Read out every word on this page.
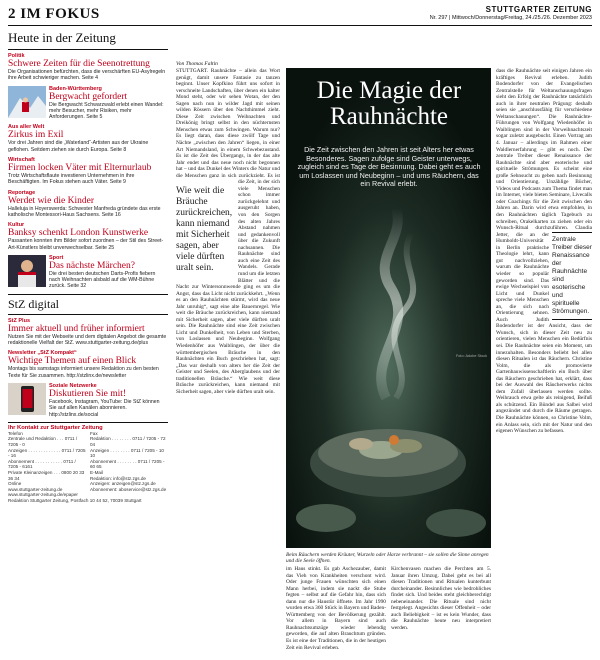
2 IM FOKUS	STUTTGARTER ZEITUNG
Nr. 297 | Mittwoch/Donnerstag/Freitag, 24./25./26. Dezember 2023
Heute in der Zeitung
Politik
Schwere Zeiten für die Seenotrettung
Die Organisationen befürchten, dass die verschärften EU-Asylregeln ihre Arbeit schwieriger machen. Seite 4
Baden-Württemberg
Bergwacht gefordert
Die Bergwacht Schwarzwald erlebt einen Wandel: mehr Besucher, mehr Risiken, mehr Anforderungen. Seite 5
Aus aller Welt
Zirkus im Exil
Vor drei Jahren sind die „Waterland“-Artisten aus der Ukraine geflohen. Seitdem ziehen sie durch Europa. Seite 8
Wirtschaft
Firmen locken Väter mit Elternurlaub
Trotz Wirtschaftsflaute investieren Unternehmen in ihre Beschäftigten. Im Fokus stehen auch Väter. Seite 9
Reportage
Werdet wie die Kinder
Halleluja in Hoyerswerda: Schwester Manfreda gründete das erste katholische Montessori-Haus Sachsens. Seite 16
Kultur
Banksy schenkt London Kunstwerke
Passanten konnten ihm Bilder sofort zuordnen – der Stil des Street-Art-Künstlers bleibt unverwechselbar. Seite 25
Sport
Das nächste Märchen?
Die drei besten deutschen Darts-Profis fiebern nach Weihnachten alsbald auf die WM-Bühne zurück. Seite 32
StZ digital
StZ Plus
Immer aktuell und früher informiert
Nutzen Sie mit der Webseite und dem digitalen Angebot die gesamte redaktionelle Vielfalt der StZ. www.stuttgarter-zeitung.de/plus
Newsletter „StZ Kompakt“
Wichtige Themen auf einen Blick
Montags bis samstags informiert unsere Redaktion zu den besten Texte für Sie zusammen. http://stzlinx.de/newsletter
Soziale Netzwerke
Diskutieren Sie mit!
Facebook, Instagram, YouTube: Die StZ können Sie auf allen Kanälen abonnieren. http://stzlinx.de/social
Ihr Kontakt zur Stuttgarter Zeitung
Telefon
Zentrale und Redaktion . . . 0711 / 7205 - 0
Anzeigen . . . . . . . . . . . . . 0711 / 7205 - 16
Abonnement . . . . . . . . . . . 0711 / 7205 - 6161
Private Kleinanzeigen . . . 0800 20 33 36 34
Online
www.stuttgarter-zeitung.de
www.stuttgarter-zeitung.de/epaper
Fax
Redaktion . . . . . . . . 0711 / 7205 - 72 04
Anzeigen . . . . . . . . 0711 / 7205 - 10 10
Abonnement . . . . . . . . 0711 / 7205 - 60 65
E-Mail
Redaktion: info@stz.zgs.de
Anzeigen: anzeigen@stz.zgs.de
Abonnement: aboservice@stz.zgs.de
Redaktion Stuttgarter Zeitung, Postfach 10 44 52, 70039 Stuttgart
Von Thomas Faltin
STUTTGART. Rauhnächte – allein das Wort genügt, damit unsere Fantasie zu tanzen beginnt. Unser Kopfkino führt uns sofort in verschneite Landschaften, über denen ein kalter Mond steht, oder wir sehen Wotan, der den Sagen nach nun in wilder Jagd mit seinen wilden Rössern über den Nachthimmel zieht. Diese Zeit zwischen Weihnachten und Dreikönig bringt selbst in den nüchternsten Menschen etwas zum Schwingen. Warum nur? Es liegt daran, dass diese zwölf Tage und Nächte „zwischen den Jahren“ liegen, in einer Art Niemandsland, in einem Schwebezustand. Es ist die Zeit des Übergangs, in der das alte Jahr endet und das neue noch nicht begonnen hat – und das Dunkel des Winters die Natur und die Menschen ganz in sich zurückzieht.
Wie weit die Bräuche zurückreichen, kann niemand mit Sicherheit sagen, aber viele dürften uralt sein.
Es ist die Zeit, in der sich viele Menschen schon immer zurückgelehnt und ausgeruht haben, von den Sorgen des alten Jahres Abstand nahmen und gedankenvoll über die Zukunft nachsannen. Die Rauhnächte sind auch eine Zeit des Wandels. Gerade rund um die letzten Blätter und die Nacht zur Wintersonnwende ging es um die Angst, dass das Licht nicht zurückkehrt. „Wenn es an den Rauhnächten stürmt, wird das neue Jahr unruhig“, sagt eine alte Bauernregel. Wie weit die Bräuche zurückreichen, kann niemand mit Sicherheit sagen, aber viele dürften uralt sein. Die Rauhnächte sind eine Zeit zwischen Licht und Dunkelheit, von Leben und Sterben, von Loslassen und Neubeginn. Wolfgang Wiedenhöfer aus Waiblingen, der über die württembergischen Bräuche in den Rauhnächten ein Buch geschrieben hat, sagt: „Das war deshalb von alters her die Zeit der Geister und Seelen, des Aberglaubens und der traditionellen Bräuche.“ Wie weit diese Bräuche zurückreichen, kann niemand mit Sicherheit sagen, aber viele dürften uralt sein.
Die Magie der Rauhnächte
Die Zeit zwischen den Jahren ist seit Alters her etwas Besonderes. Sagen zufolge sind Geister unterwegs, zugleich sind es Tage der Besinnung. Dabei geht es auch um Loslassen und Neubeginn – und ums Räuchern, das ein Revival erlebt.
Foto: Adobe Stock
Beim Räuchern werden Kräuter, Wurzeln oder Harze verbrannt – sie sollen die Sinne anregen und die Seele öffnen.
im Haus stinkt. Es gab Aschezauber, damit das Vieh von Krankheiten verschont wird. Oder junge Frauen wünschten sich einen Mann herbei, indem sie nackt die Stube fegten – selbst auf die Gefahr hin, dass sich dann nur die Haustür öffnete. Im Jahr 1990 wurden etwa 360 Stück in Bayern und Baden-Württemberg von der Bevölkerung gezählt. Vor allem in Bayern sind auch Rauhnachtsumzüge wieder lebendig geworden, die auf alten Brauchtum gründen. Es ist eine der Traditionen, die in der heutigen Zeit ein Revival erleben.
Kirchenvasen machen die Perchten am 5. Januar ihren Umzug. Dabei geht es bei all diesen Traditionen und Ritualen kunterbunt durcheinander. Besinnliches wie bedrohliches findet sich. Und beides steht gleichberechtigt nebeneinander. Die Rituale sind nicht festgelegt. Angesichts dieser Offenheit – oder auch Beliebigkeit – ist es kein Wunder, dass die Rauhnächte heute neu interpretiert werden.
dass die Rauhnächte seit einigen Jahren ein kräftiges Revival erleben. Judith Bodendorfer von der Evangelischen Zentralstelle für Weltanschauungsfragen sieht den Erfolg der Rauhnächte tatsächlich auch in ihrer neutralen Prägung: deshalb seien sie „anschlussfähig für verschiedene Weltanschauungen“. Die Rauhnächte-Führungen von Wolfgang Wiedenhöfer in Waiblingen sind in der Vorweihnachtszeit sogar zuletzt ausgebucht. Einen Vortrag am 4. Januar – allerdings im Rahmen einer Waldlernerfahrung – gibt es noch. Der zentrale Treiber dieser Renaissance der Rauhnächte sind aber esoterische und spirituelle Strömungen. Es scheint eine große Sehnsucht zu geben nach Besinnung und Orientierung. Unzählige Bücher, Videos und Podcasts zum Thema findet man im Internet, viele bieten Seminare, Livecalls oder Coachings für die Zeit zwischen den Jahren an. Darin wird etwa empfohlen, in den Rauhnächten täglich Tagebuch zu schreiben, Orakelkarten zu ziehen oder ein Wunsch-Ritual durchzuführen.
Zentrale Treiber dieser Renaissance der Rauhnächte sind esoterische und spirituelle Strömungen.
Claudia Jetter, die an der Humboldt-Universität in Berlin praktische Theologie lehrt, kann gut nachvollziehen, warum die Rauhnächte wieder so populär geworden sind. Das ewige Wechselspiel von Licht und Dunkel spreche viele Menschen an, die sich nach Orientierung sehnen. Auch Judith Bodendorfer ist der Ansicht, dass der Wunsch, sich in dieser Zeit neu zu orientieren, vielen Menschen ein Bedürfnis sei. Die Rauhnächte seien ein Moment, um innezuhalten. Besonders beliebt bei allen diesen Ritualen ist das Räuchern. Christine Volm, die als promovierte Gartenbauwissenschaftlerin ein Buch über das Räuchern geschrieben hat, erklärt, dass bei der Auswahl des Räucherwerks nichts dem Zufall überlassen werden sollte. Weihrauch etwa gelte als reinigend, Beifuß als schützend. Ein Bündel aus Salbei wird angezündet und durch die Räume getragen. Die Rauhnächte können, so Christine Volm, ein Anlass sein, sich mit der Natur und den eigenen Wünschen zu befassen.
